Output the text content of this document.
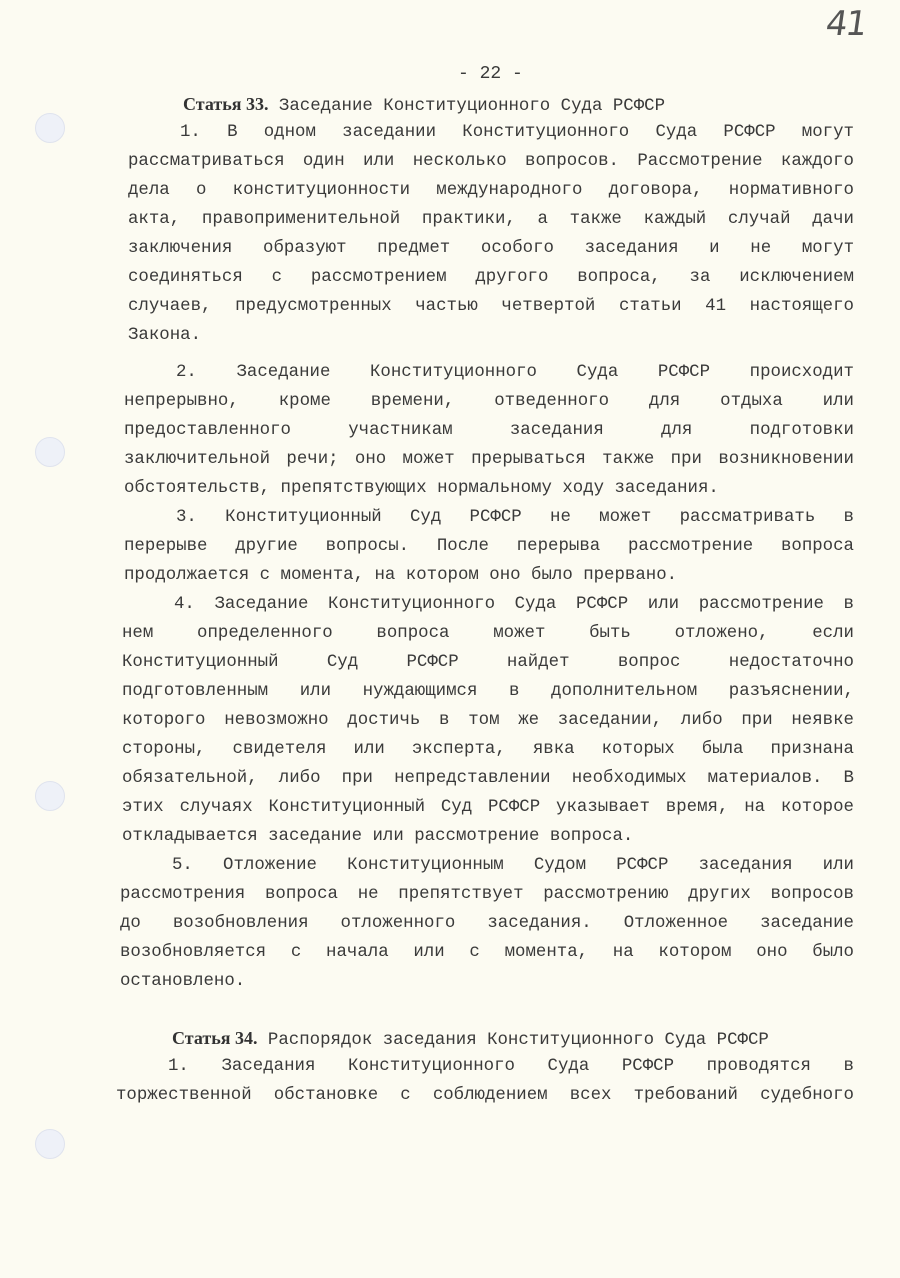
41
- 22 -
Статья 33. Заседание Конституционного Суда РСФСР
1. В одном заседании Конституционного Суда РСФСР могут
рассматриваться один или несколько вопросов. Рассмотрение каждого
дела о конституционности международного договора, нормативного
акта, правоприменительной практики, а также каждый случай дачи
заключения образуют предмет особого заседания и не могут
соединяться с рассмотрением другого вопроса, за исключением
случаев, предусмотренных частью четвертой статьи 41 настоящего
Закона.
2. Заседание Конституционного Суда РСФСР происходит
непрерывно, кроме времени, отведенного для отдыха или
предоставленного участникам заседания для подготовки
заключительной речи; оно может прерываться также при возникновении
обстоятельств, препятствующих нормальному ходу заседания.
3. Конституционный Суд РСФСР не может рассматривать в
перерыве другие вопросы. После перерыва рассмотрение вопроса
продолжается с момента, на котором оно было прервано.
4. Заседание Конституционного Суда РСФСР или рассмотрение в
нем определенного вопроса может быть отложено, если
Конституционный Суд РСФСР найдет вопрос недостаточно
подготовленным или нуждающимся в дополнительном разъяснении,
которого невозможно достичь в том же заседании, либо при неявке
стороны, свидетеля или эксперта, явка которых была признана
обязательной, либо при непредставлении необходимых материалов. В
этих случаях Конституционный Суд РСФСР указывает время, на которое
откладывается заседание или рассмотрение вопроса.
5. Отложение Конституционным Судом РСФСР заседания или
рассмотрения вопроса не препятствует рассмотрению других вопросов
до возобновления отложенного заседания. Отложенное заседание
возобновляется с начала или с момента, на котором оно было
остановлено.
Статья 34. Распорядок заседания Конституционного Суда РСФСР
1. Заседания Конституционного Суда РСФСР проводятся в
торжественной обстановке с соблюдением всех требований судебного
